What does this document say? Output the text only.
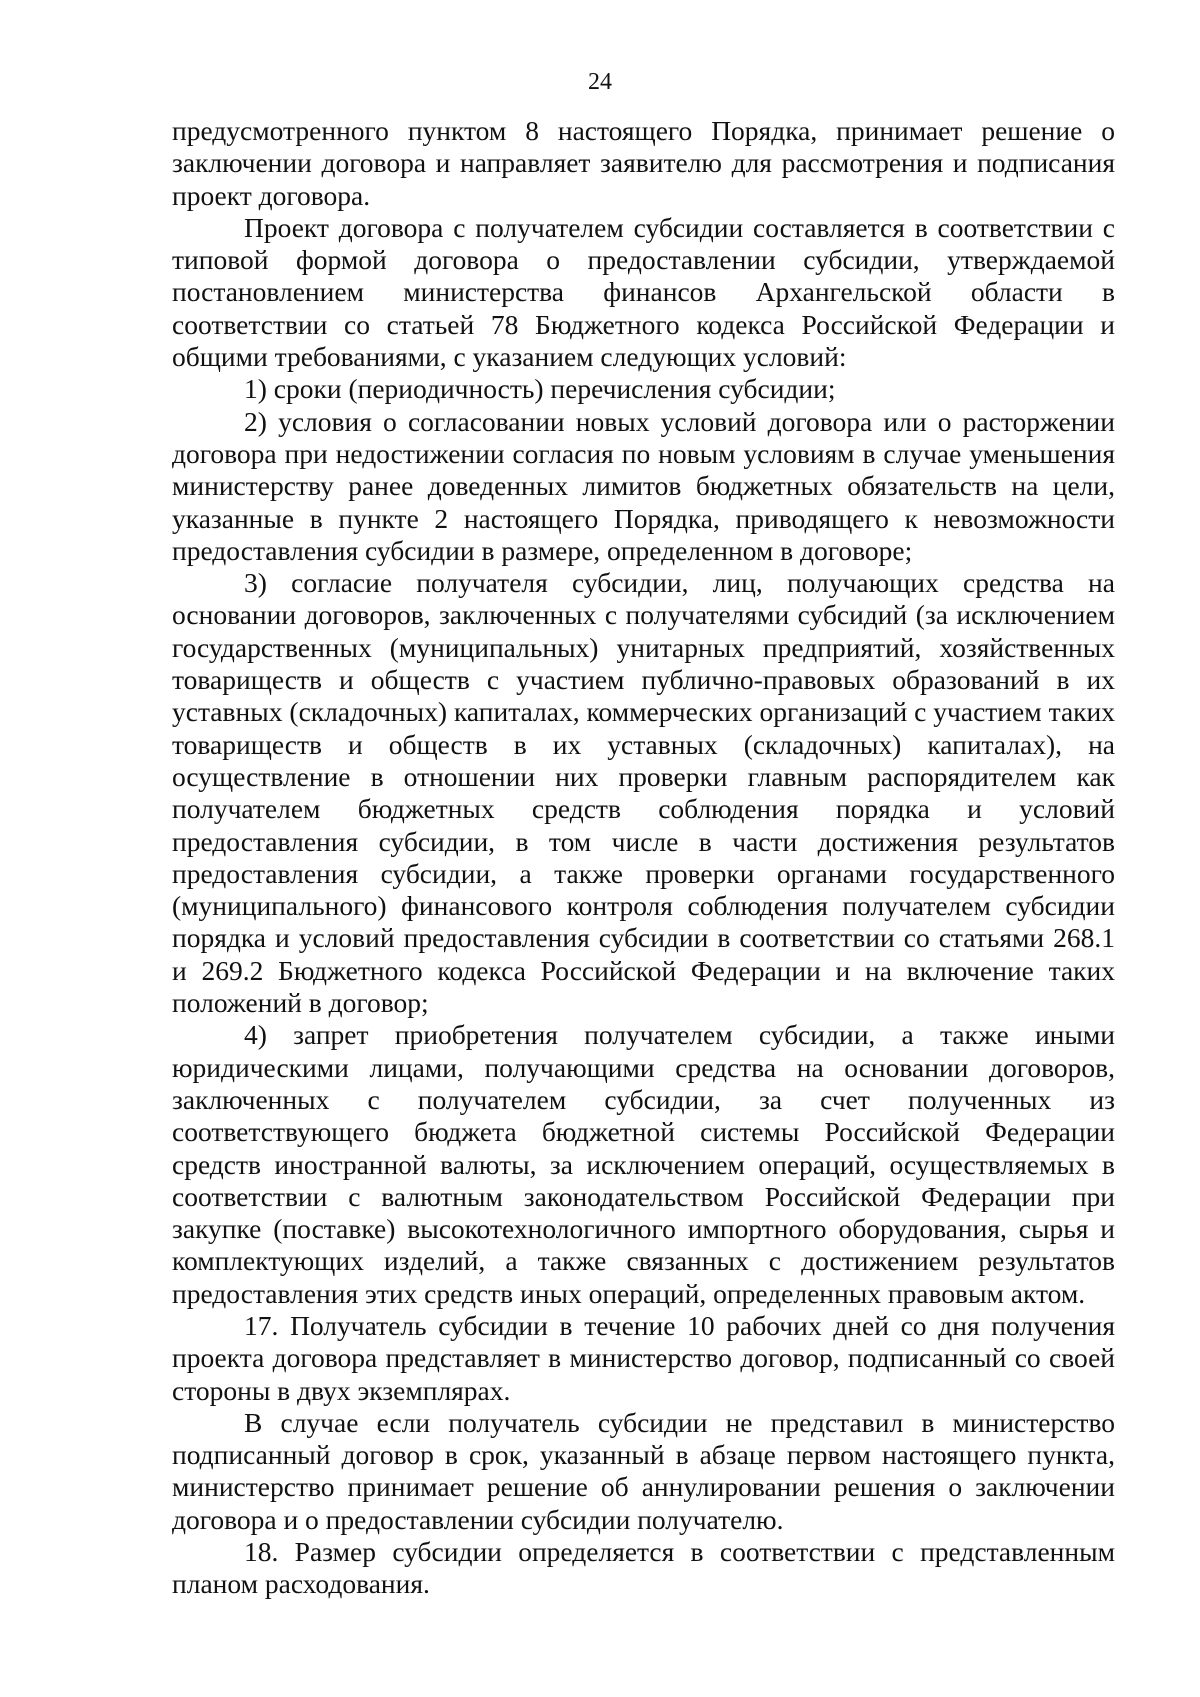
24

предусмотренного пунктом 8 настоящего Порядка, принимает решение о заключении договора и направляет заявителю для рассмотрения и подписания проект договора.

Проект договора с получателем субсидии составляется в соответствии с типовой формой договора о предоставлении субсидии, утверждаемой постановлением министерства финансов Архангельской области в соответствии со статьей 78 Бюджетного кодекса Российской Федерации и общими требованиями, с указанием следующих условий:

1) сроки (периодичность) перечисления субсидии;

2) условия о согласовании новых условий договора или о расторжении договора при недостижении согласия по новым условиям в случае уменьшения министерству ранее доведенных лимитов бюджетных обязательств на цели, указанные в пункте 2 настоящего Порядка, приводящего к невозможности предоставления субсидии в размере, определенном в договоре;

3) согласие получателя субсидии, лиц, получающих средства на основании договоров, заключенных с получателями субсидий (за исключением государственных (муниципальных) унитарных предприятий, хозяйственных товариществ и обществ с участием публично-правовых образований в их уставных (складочных) капиталах, коммерческих организаций с участием таких товариществ и обществ в их уставных (складочных) капиталах), на осуществление в отношении них проверки главным распорядителем как получателем бюджетных средств соблюдения порядка и условий предоставления субсидии, в том числе в части достижения результатов предоставления субсидии, а также проверки органами государственного (муниципального) финансового контроля соблюдения получателем субсидии порядка и условий предоставления субсидии в соответствии со статьями 268.1 и 269.2 Бюджетного кодекса Российской Федерации и на включение таких положений в договор;

4) запрет приобретения получателем субсидии, а также иными юридическими лицами, получающими средства на основании договоров, заключенных с получателем субсидии, за счет полученных из соответствующего бюджета бюджетной системы Российской Федерации средств иностранной валюты, за исключением операций, осуществляемых в соответствии с валютным законодательством Российской Федерации при закупке (поставке) высокотехнологичного импортного оборудования, сырья и комплектующих изделий, а также связанных с достижением результатов предоставления этих средств иных операций, определенных правовым актом.

17. Получатель субсидии в течение 10 рабочих дней со дня получения проекта договора представляет в министерство договор, подписанный со своей стороны в двух экземплярах.

В случае если получатель субсидии не представил в министерство подписанный договор в срок, указанный в абзаце первом настоящего пункта, министерство принимает решение об аннулировании решения о заключении договора и о предоставлении субсидии получателю.

18. Размер субсидии определяется в соответствии с представленным планом расходования.
